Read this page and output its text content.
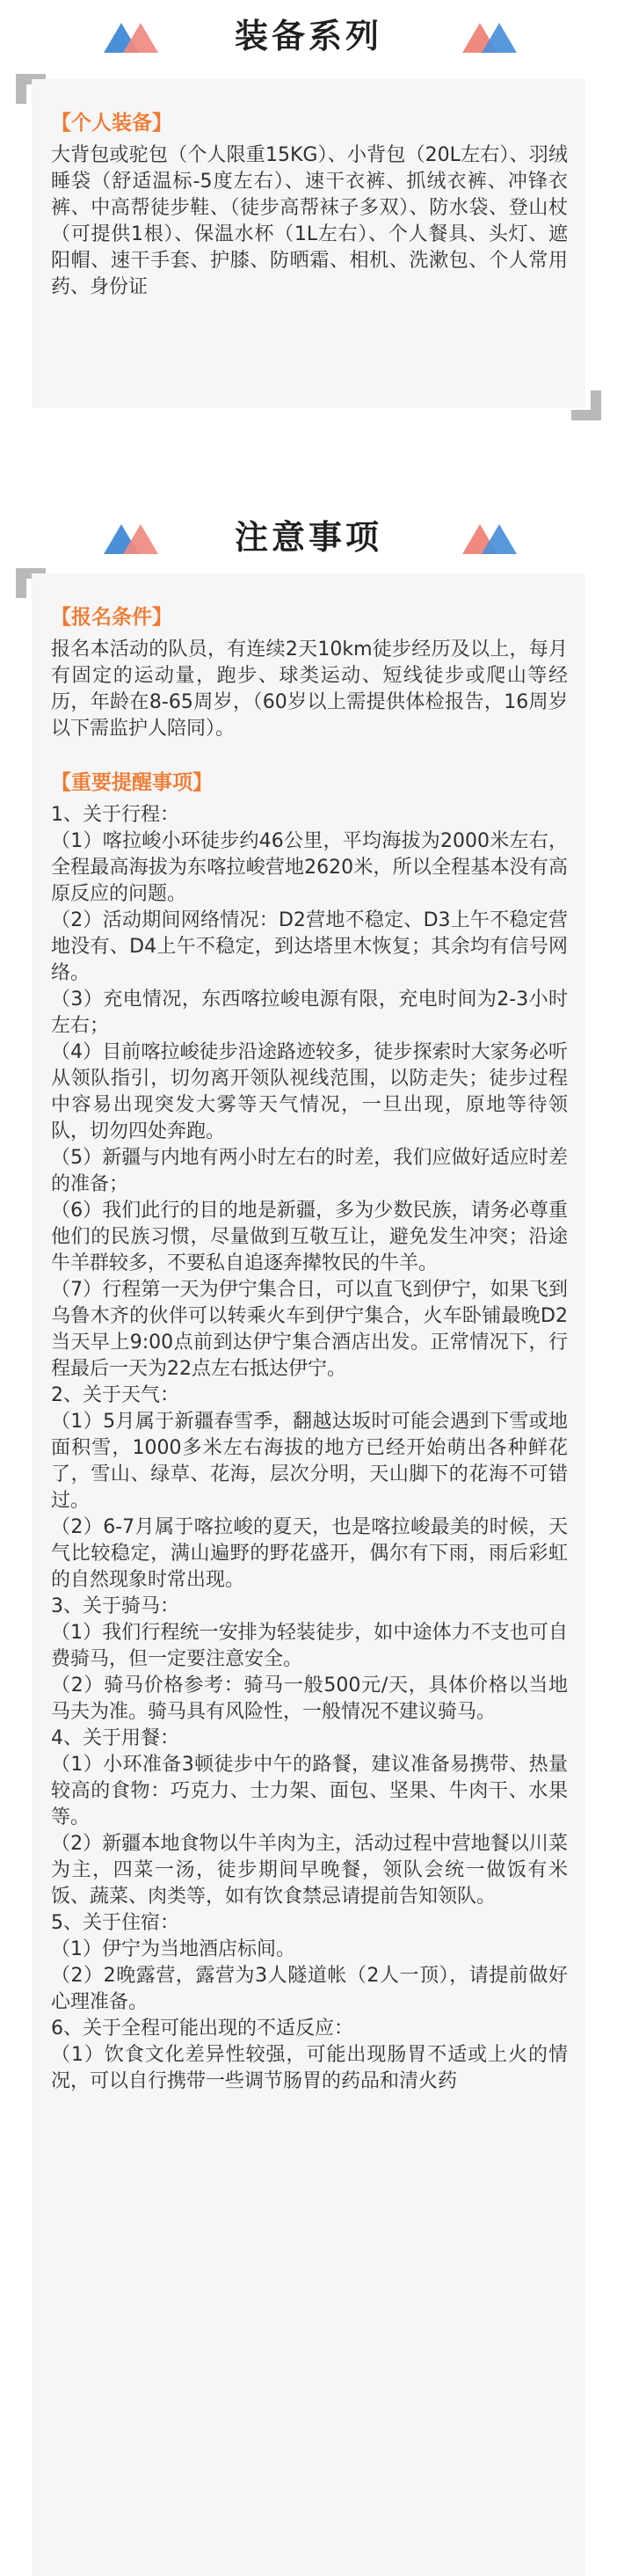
装备系列
【个人装备】

大背包或驼包（个人限重15KG）、小背包（20L左右）、羽绒睡袋（舒适温标-5度左右）、速干衣裤、抓绒衣裤、冲锋衣裤、中高帮徒步鞋、（徒步高帮袜子多双）、防水袋、登山杖（可提供1根）、保温水杯（1L左右）、个人餐具、头灯、遮阳帽、速干手套、护膝、防晒霜、相机、洗漱包、个人常用药、身份证

注意事项
【报名条件】

报名本活动的队员，有连续2天10km徒步经历及以上，每月有固定的运动量，跑步、球类运动、短线徒步或爬山等经历，年龄在8-65周岁，（60岁以上需提供体检报告，16周岁以下需监护人陪同）。

【重要提醒事项】

1、关于行程：

（1）喀拉峻小环徒步约46公里，平均海拔为2000米左右，全程最高海拔为东喀拉峻营地2620米，所以全程基本没有高原反应的问题。

（2）活动期间网络情况：D2营地不稳定、D3上午不稳定营地没有、D4上午不稳定，到达塔里木恢复；其余均有信号网络。

（3）充电情况，东西喀拉峻电源有限，充电时间为2-3小时左右；

（4）目前喀拉峻徒步沿途路迹较多，徒步探索时大家务必听从领队指引，切勿离开领队视线范围，以防走失；徒步过程中容易出现突发大雾等天气情况，一旦出现，原地等待领队，切勿四处奔跑。

（5）新疆与内地有两小时左右的时差，我们应做好适应时差的准备；

（6）我们此行的目的地是新疆，多为少数民族，请务必尊重他们的民族习惯，尽量做到互敬互让，避免发生冲突；沿途牛羊群较多，不要私自追逐奔撵牧民的牛羊。

（7）行程第一天为伊宁集合日，可以直飞到伊宁，如果飞到乌鲁木齐的伙伴可以转乘火车到伊宁集合，火车卧铺最晚D2当天早上9:00点前到达伊宁集合酒店出发。正常情况下，行程最后一天为22点左右抵达伊宁。

2、关于天气：

（1）5月属于新疆春雪季，翻越达坂时可能会遇到下雪或地面积雪，1000多米左右海拔的地方已经开始萌出各种鲜花了，雪山、绿草、花海，层次分明，天山脚下的花海不可错过。

（2）6-7月属于喀拉峻的夏天，也是喀拉峻最美的时候，天气比较稳定，满山遍野的野花盛开，偶尔有下雨，雨后彩虹的自然现象时常出现。

3、关于骑马：

（1）我们行程统一安排为轻装徒步，如中途体力不支也可自费骑马，但一定要注意安全。

（2）骑马价格参考：骑马一般500元/天，具体价格以当地马夫为准。骑马具有风险性，一般情况不建议骑马。

4、关于用餐：

（1）小环准备3顿徒步中午的路餐，建议准备易携带、热量较高的食物：巧克力、士力架、面包、坚果、牛肉干、水果等。

（2）新疆本地食物以牛羊肉为主，活动过程中营地餐以川菜为主，四菜一汤，徒步期间早晚餐，领队会统一做饭有米饭、蔬菜、肉类等，如有饮食禁忌请提前告知领队。

5、关于住宿：

（1）伊宁为当地酒店标间。

（2）2晚露营，露营为3人隧道帐（2人一顶），请提前做好心理准备。

6、关于全程可能出现的不适反应：

（1）饮食文化差异性较强，可能出现肠胃不适或上火的情况，可以自行携带一些调节肠胃的药品和清火药
